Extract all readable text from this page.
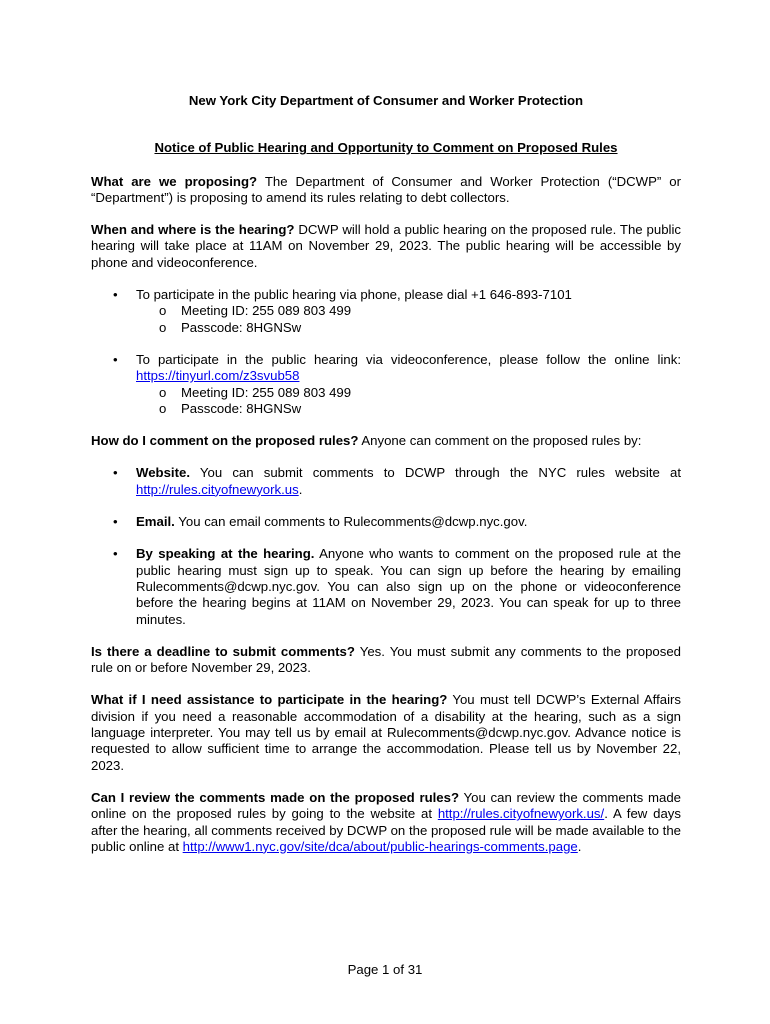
New York City Department of Consumer and Worker Protection
Notice of Public Hearing and Opportunity to Comment on Proposed Rules

What are we proposing? The Department of Consumer and Worker Protection (“DCWP” or “Department”) is proposing to amend its rules relating to debt collectors.

When and where is the hearing? DCWP will hold a public hearing on the proposed rule. The public hearing will take place at 11AM on November 29, 2023. The public hearing will be accessible by phone and videoconference.

• To participate in the public hearing via phone, please dial +1 646-893-7101
o Meeting ID: 255 089 803 499
o Passcode: 8HGNSw
• To participate in the public hearing via videoconference, please follow the online link: https://tinyurl.com/z3svub58
o Meeting ID: 255 089 803 499
o Passcode: 8HGNSw

How do I comment on the proposed rules? Anyone can comment on the proposed rules by:

• Website. You can submit comments to DCWP through the NYC rules website at http://rules.cityofnewyork.us.
• Email. You can email comments to Rulecomments@dcwp.nyc.gov.
• By speaking at the hearing. Anyone who wants to comment on the proposed rule at the public hearing must sign up to speak. You can sign up before the hearing by emailing Rulecomments@dcwp.nyc.gov. You can also sign up on the phone or videoconference before the hearing begins at 11AM on November 29, 2023. You can speak for up to three minutes.

Is there a deadline to submit comments? Yes. You must submit any comments to the proposed rule on or before November 29, 2023.

What if I need assistance to participate in the hearing? You must tell DCWP’s External Affairs division if you need a reasonable accommodation of a disability at the hearing, such as a sign language interpreter. You may tell us by email at Rulecomments@dcwp.nyc.gov. Advance notice is requested to allow sufficient time to arrange the accommodation. Please tell us by November 22, 2023.

Can I review the comments made on the proposed rules? You can review the comments made online on the proposed rules by going to the website at http://rules.cityofnewyork.us/. A few days after the hearing, all comments received by DCWP on the proposed rule will be made available to the public online at http://www1.nyc.gov/site/dca/about/public-hearings-comments.page.

Page 1 of 31
